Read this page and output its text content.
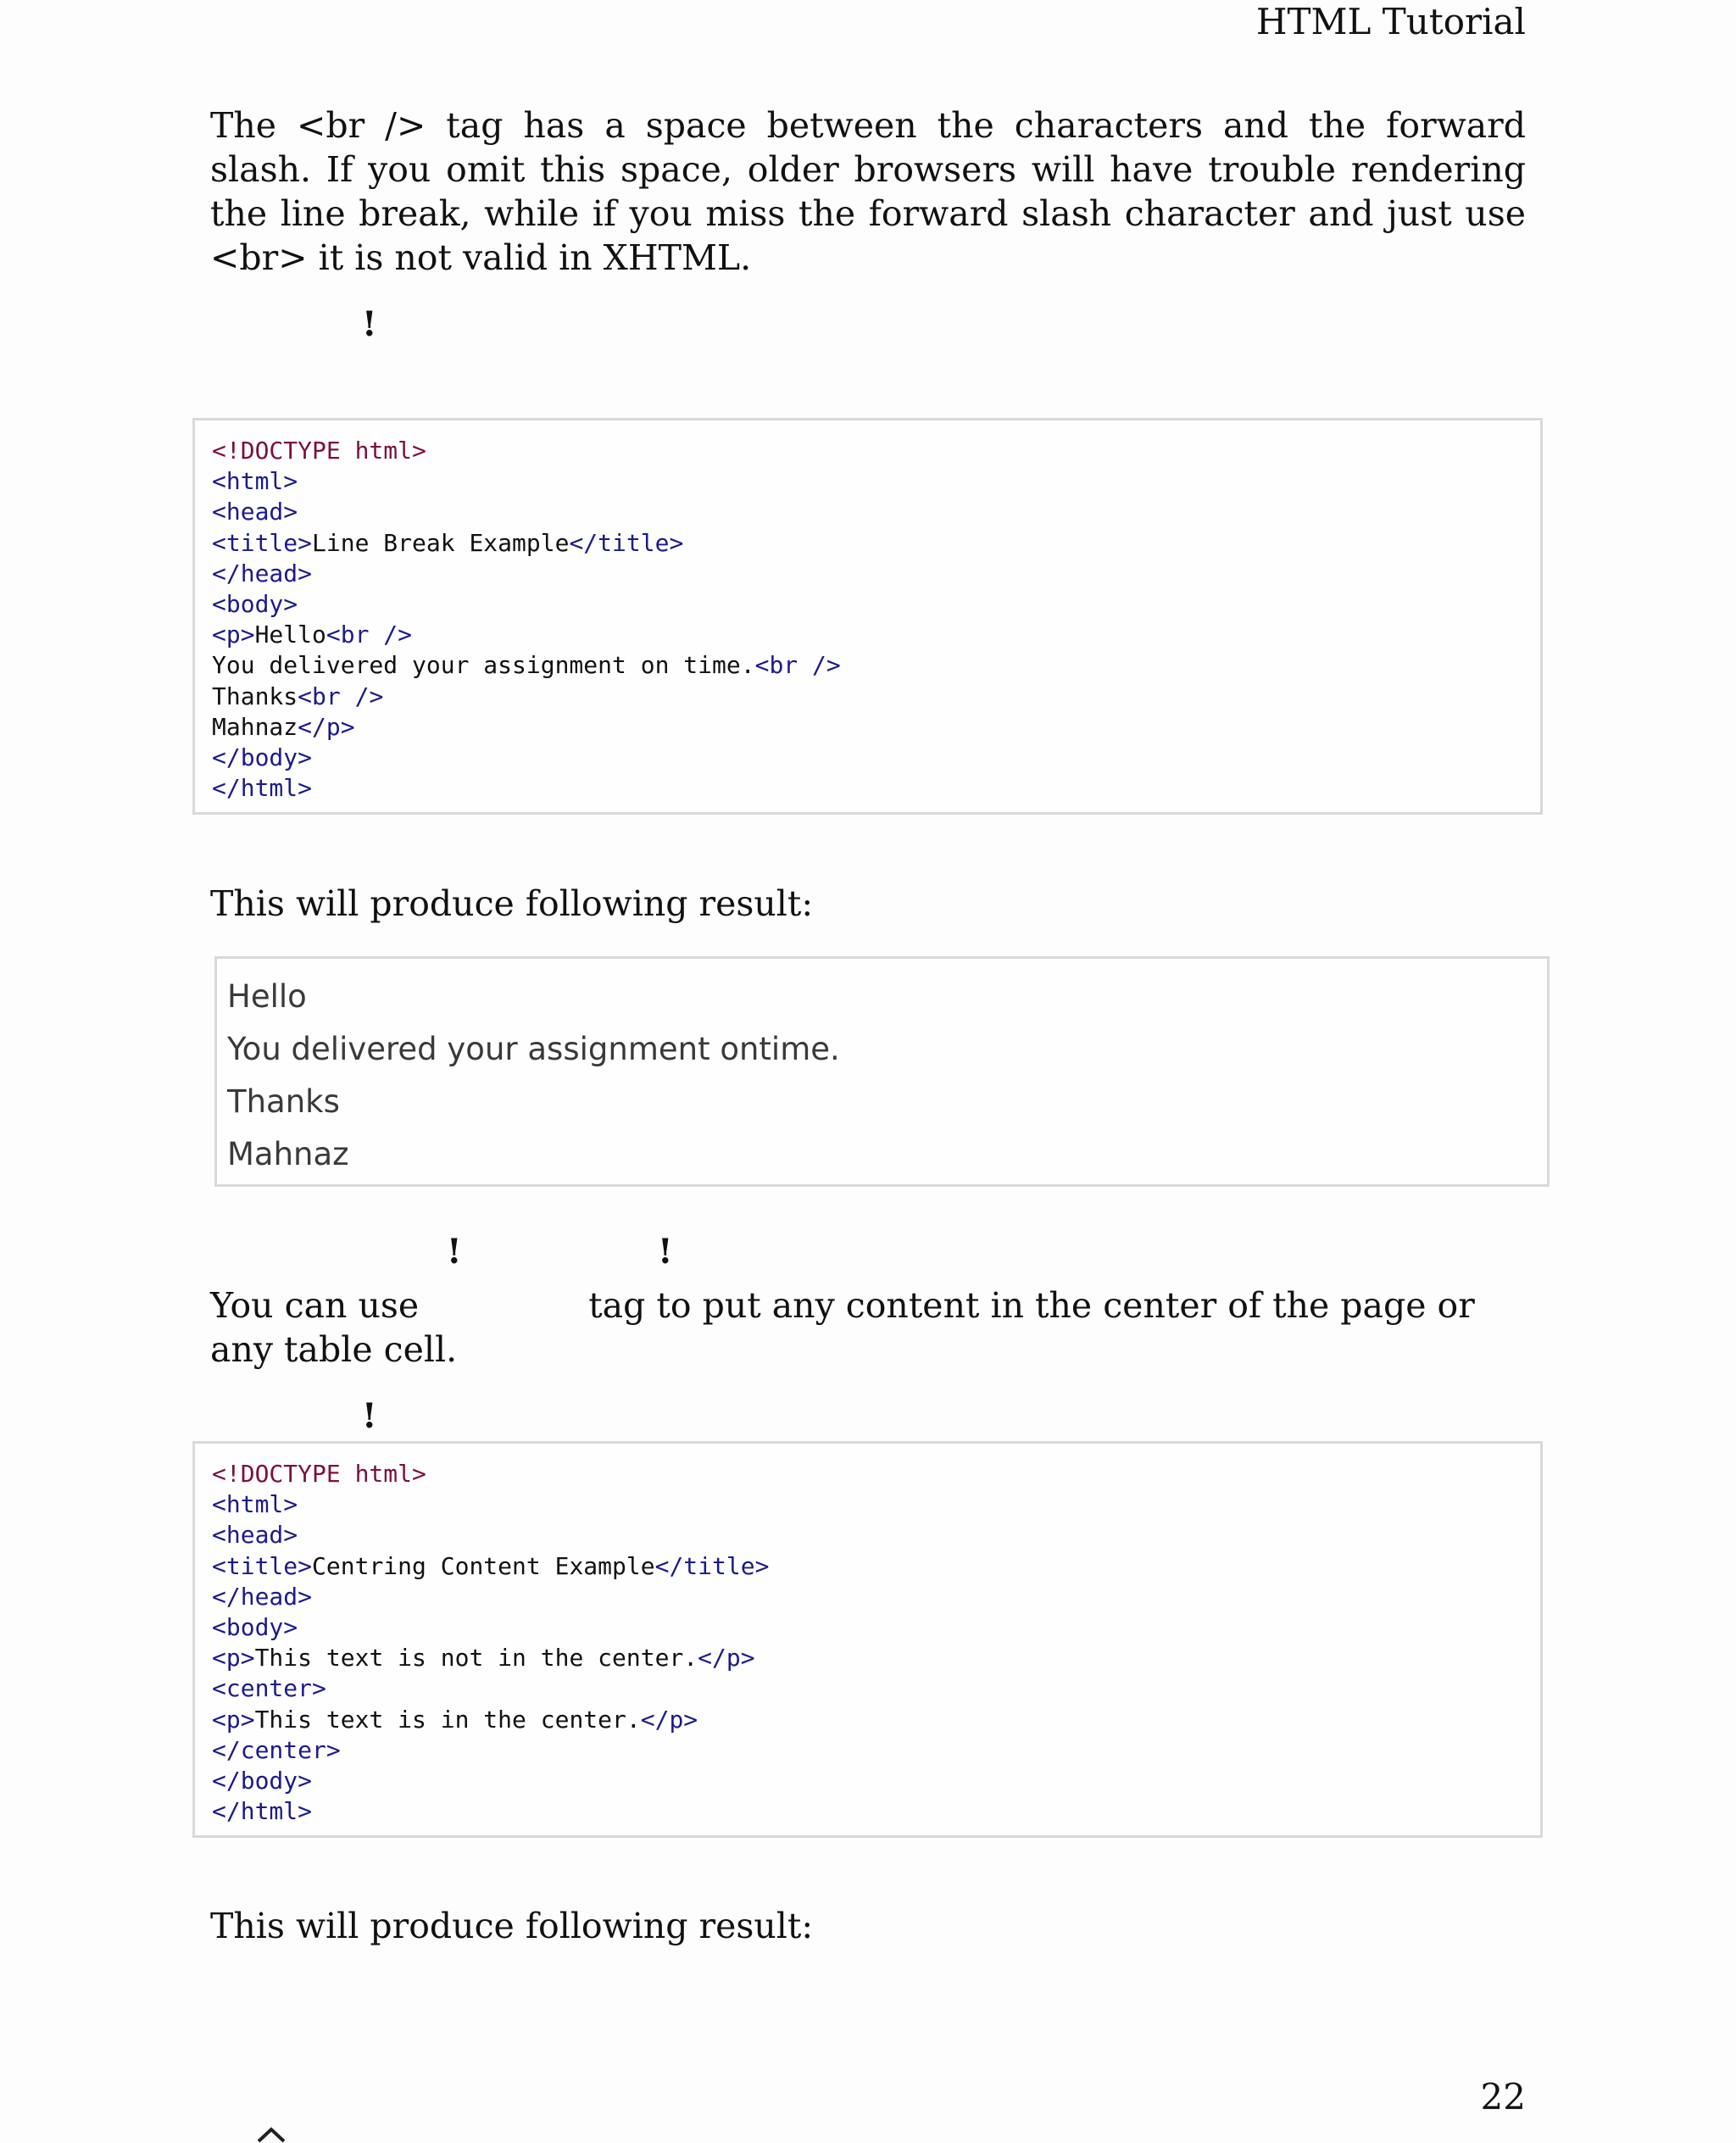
HTML Tutorial
The <br /> tag has a space between the characters and the forward slash. If you omit this space, older browsers will have trouble rendering the line break, while if you miss the forward slash character and just use <br> it is not valid in XHTML.
!
<!DOCTYPE html>
<html>
<head>
<title>Line Break Example</title>
</head>
<body>
<p>Hello<br />
You delivered your assignment on time.<br />
Thanks<br />
Mahnaz</p>
</body>
</html>
This will produce following result:
Hello
You delivered your assignment ontime.
Thanks
Mahnaz
!	!
You can use	tag to put any content in the center of the page or any table cell.
!
<!DOCTYPE html>
<html>
<head>
<title>Centring Content Example</title>
</head>
<body>
<p>This text is not in the center.</p>
<center>
<p>This text is in the center.</p>
</center>
</body>
</html>
This will produce following result:
22
